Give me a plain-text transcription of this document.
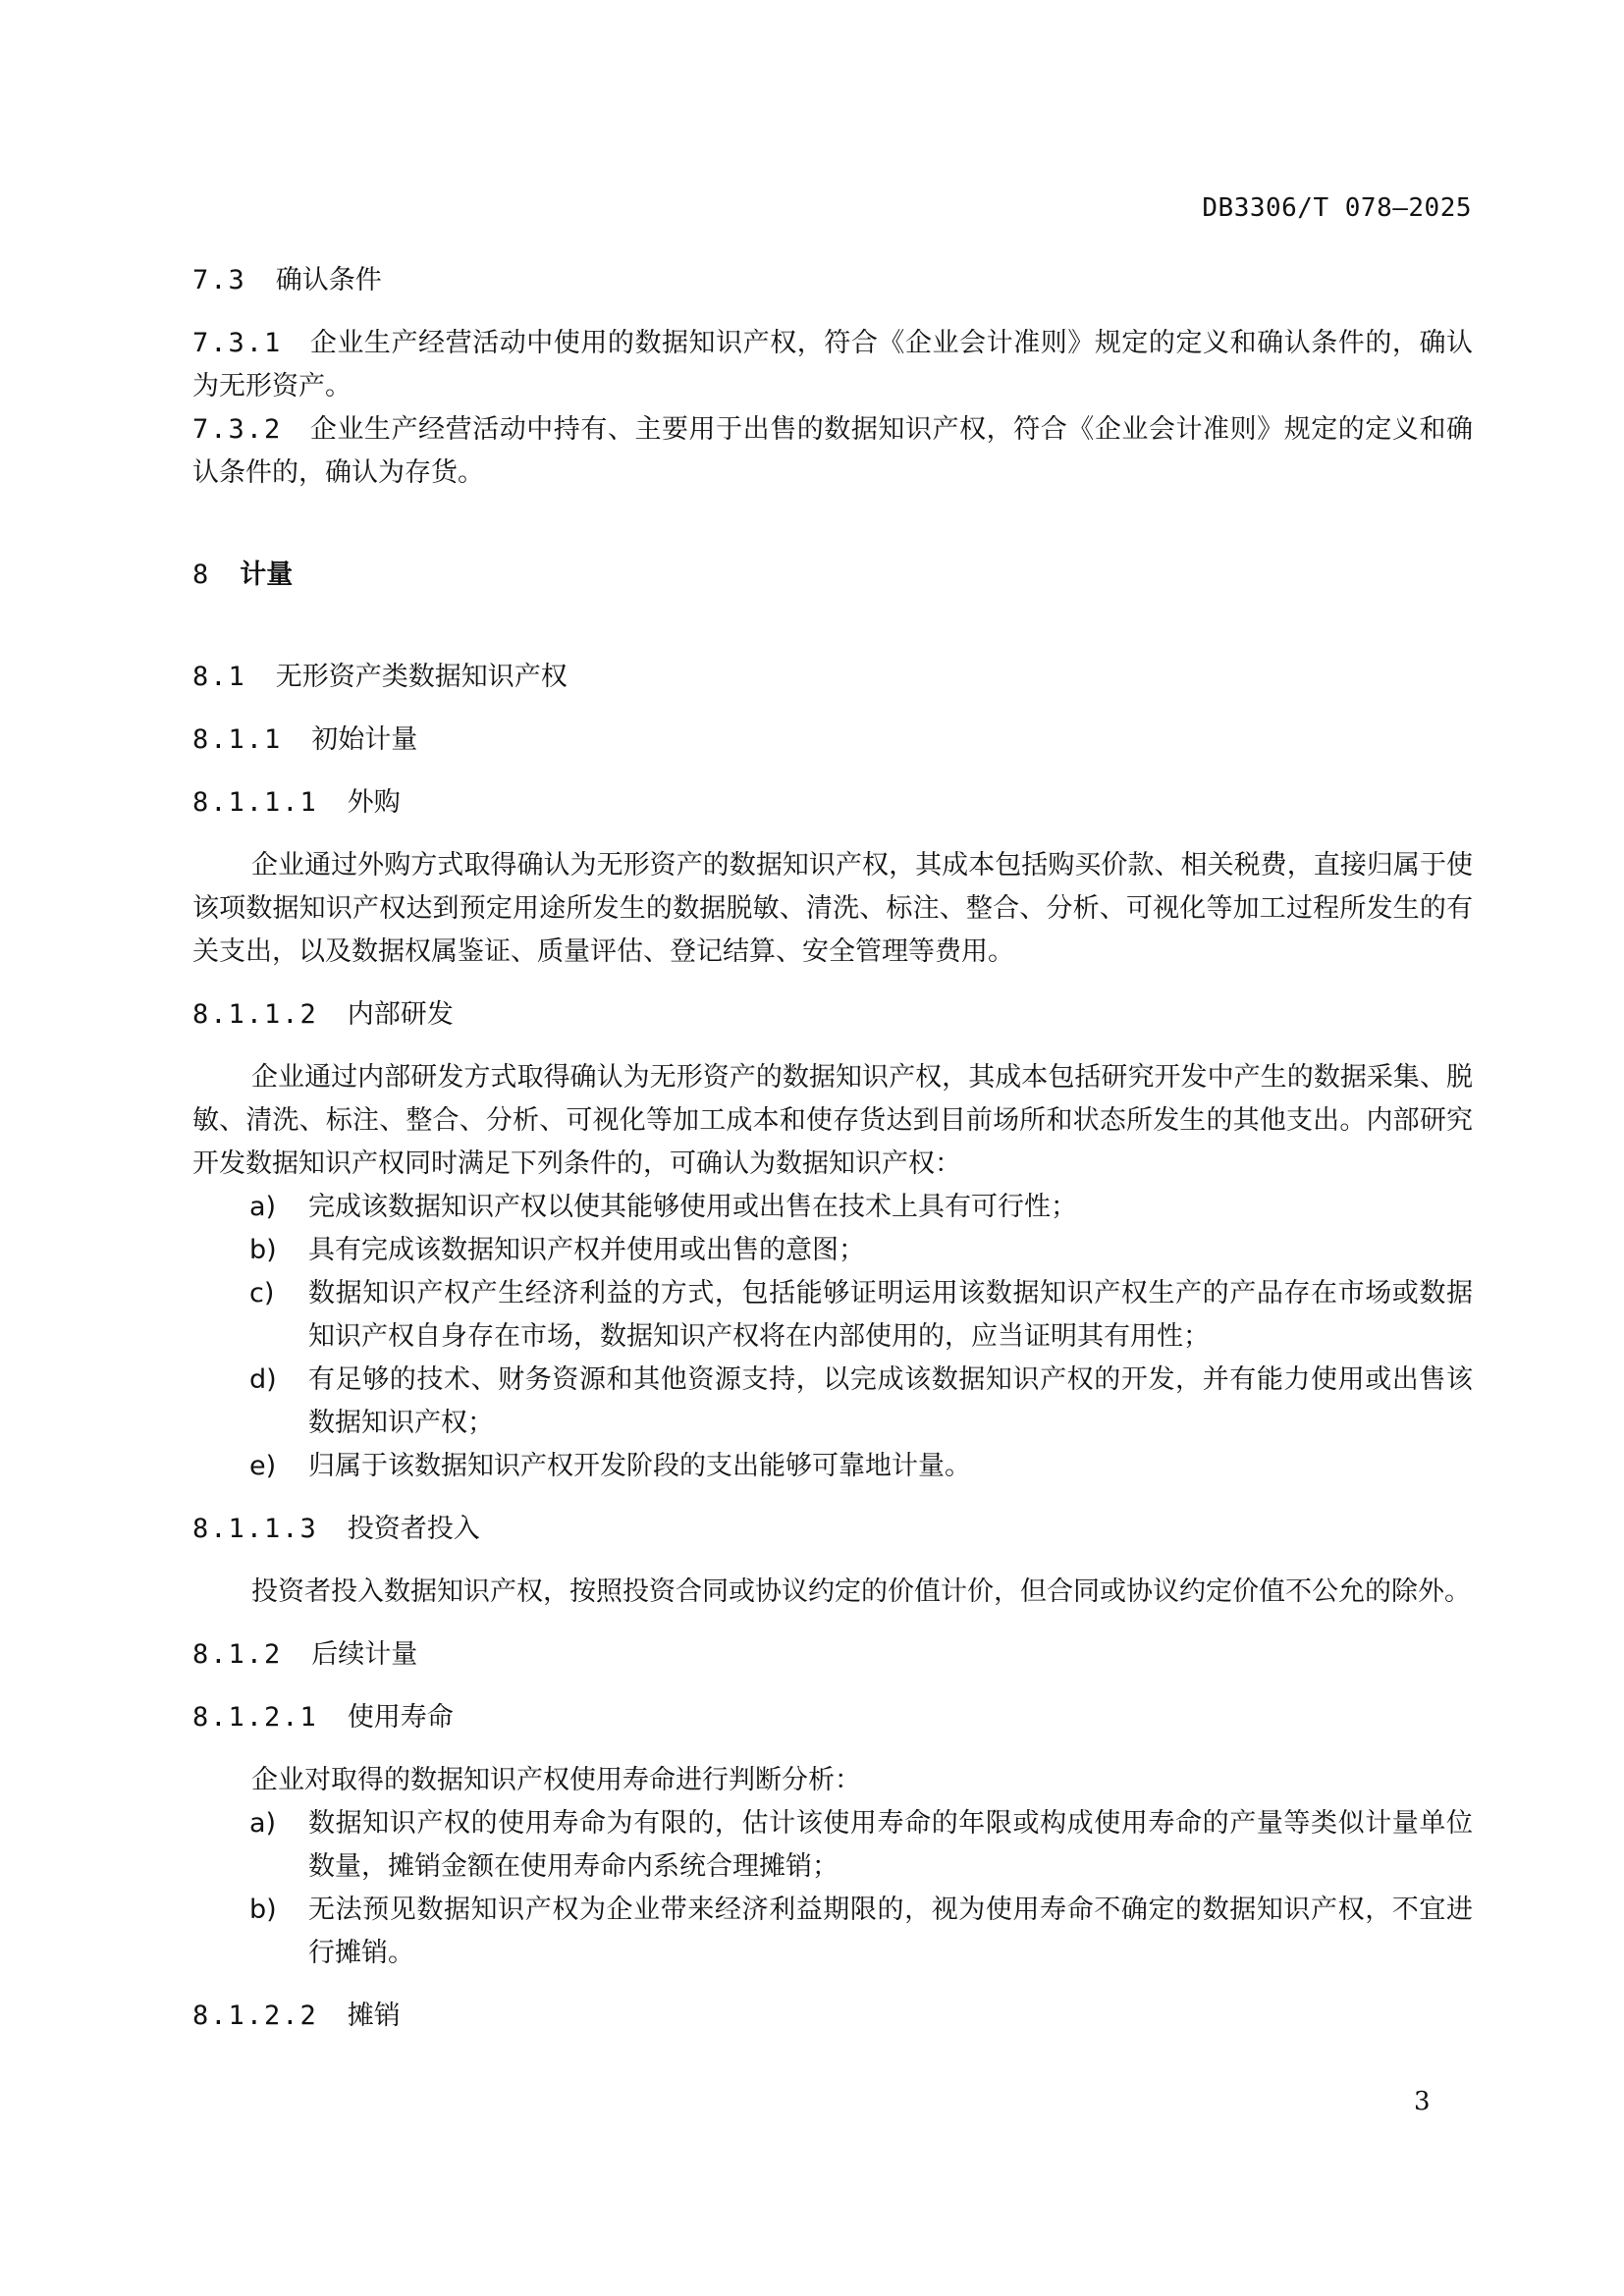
DB3306/T 078—2025
7.3 确认条件

7.3.1 企业生产经营活动中使用的数据知识产权，符合《企业会计准则》规定的定义和确认条件的，确认为无形资产。

7.3.2 企业生产经营活动中持有、主要用于出售的数据知识产权，符合《企业会计准则》规定的定义和确认条件的，确认为存货。

8 计量
8.1 无形资产类数据知识产权
8.1.1 初始计量
8.1.1.1 外购

企业通过外购方式取得确认为无形资产的数据知识产权，其成本包括购买价款、相关税费，直接归属于使该项数据知识产权达到预定用途所发生的数据脱敏、清洗、标注、整合、分析、可视化等加工过程所发生的有关支出，以及数据权属鉴证、质量评估、登记结算、安全管理等费用。

8.1.1.2 内部研发

企业通过内部研发方式取得确认为无形资产的数据知识产权，其成本包括研究开发中产生的数据采集、脱敏、清洗、标注、整合、分析、可视化等加工成本和使存货达到目前场所和状态所发生的其他支出。内部研究开发数据知识产权同时满足下列条件的，可确认为数据知识产权：

a) 完成该数据知识产权以使其能够使用或出售在技术上具有可行性；
b) 具有完成该数据知识产权并使用或出售的意图；
c) 数据知识产权产生经济利益的方式，包括能够证明运用该数据知识产权生产的产品存在市场或数据知识产权自身存在市场，数据知识产权将在内部使用的，应当证明其有用性；
d) 有足够的技术、财务资源和其他资源支持，以完成该数据知识产权的开发，并有能力使用或出售该数据知识产权；
e) 归属于该数据知识产权开发阶段的支出能够可靠地计量。
8.1.1.3 投资者投入

投资者投入数据知识产权，按照投资合同或协议约定的价值计价，但合同或协议约定价值不公允的除外。

8.1.2 后续计量
8.1.2.1 使用寿命

企业对取得的数据知识产权使用寿命进行判断分析：

a) 数据知识产权的使用寿命为有限的，估计该使用寿命的年限或构成使用寿命的产量等类似计量单位数量，摊销金额在使用寿命内系统合理摊销；
b) 无法预见数据知识产权为企业带来经济利益期限的，视为使用寿命不确定的数据知识产权，不宜进行摊销。
8.1.2.2 摊销
3
